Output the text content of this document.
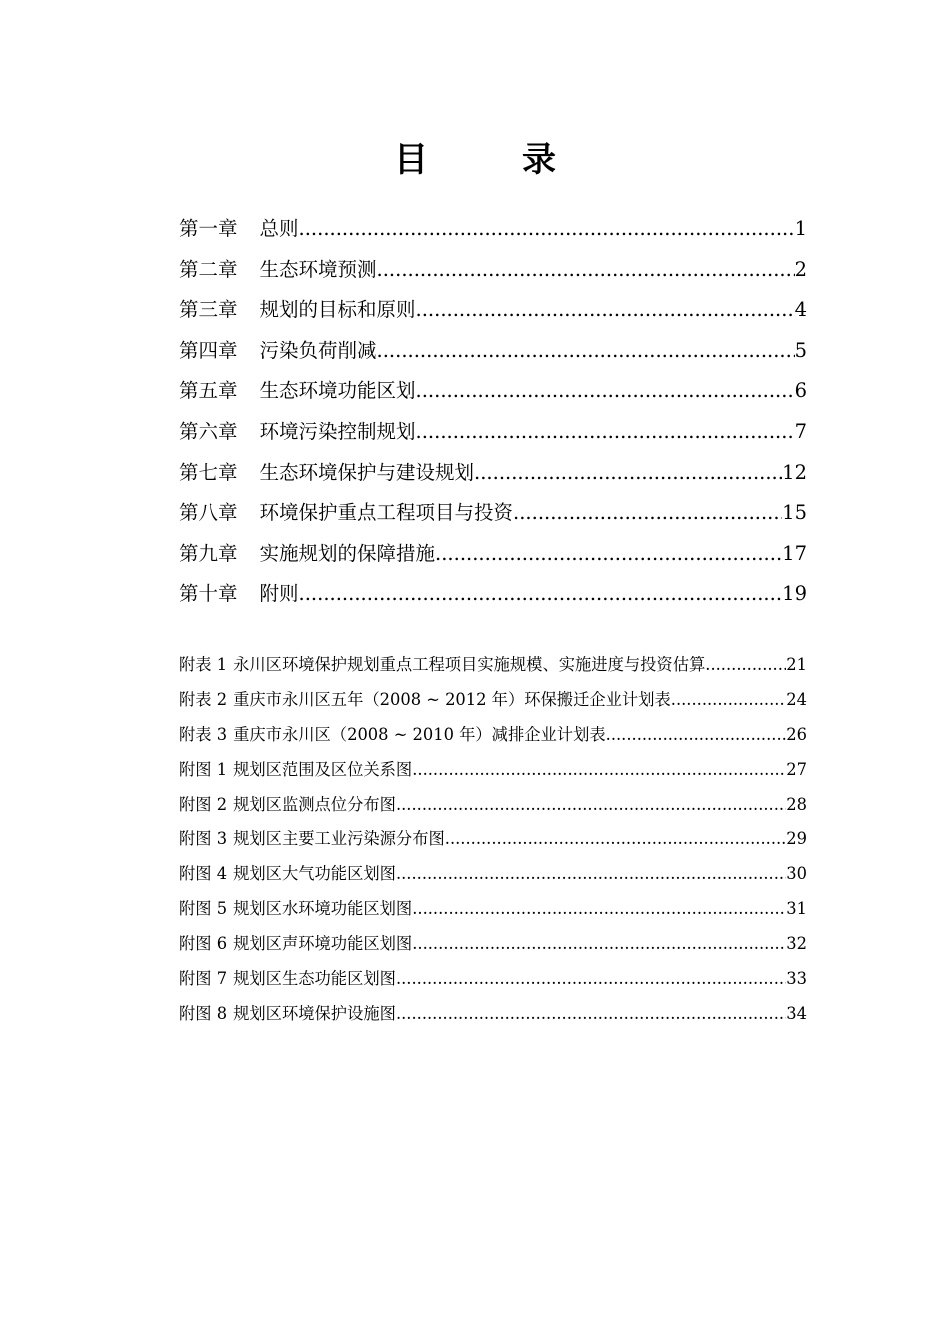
目　录
第一章 总则 .....	1
第二章 生态环境预测 .....	2
第三章 规划的目标和原则 .....	4
第四章 污染负荷削减 .....	5
第五章 生态环境功能区划 .....	6
第六章 环境污染控制规划 .....	7
第七章 生态环境保护与建设规划 .....	12
第八章 环境保护重点工程项目与投资 .....	15
第九章 实施规划的保障措施 .....	17
第十章 附则 .....	19
附表 1 永川区环境保护规划重点工程项目实施规模、实施进度与投资估算 .....	21
附表 2 重庆市永川区五年（2008 ~ 2012 年）环保搬迁企业计划表 .....	24
附表 3 重庆市永川区（2008 ~ 2010 年）减排企业计划表 .....	26
附图 1 规划区范围及区位关系图 .....	27
附图 2 规划区监测点位分布图 .....	28
附图 3 规划区主要工业污染源分布图 .....	29
附图 4 规划区大气功能区划图 .....	30
附图 5 规划区水环境功能区划图 .....	31
附图 6 规划区声环境功能区划图 .....	32
附图 7 规划区生态功能区划图 .....	33
附图 8 规划区环境保护设施图 .....	34
